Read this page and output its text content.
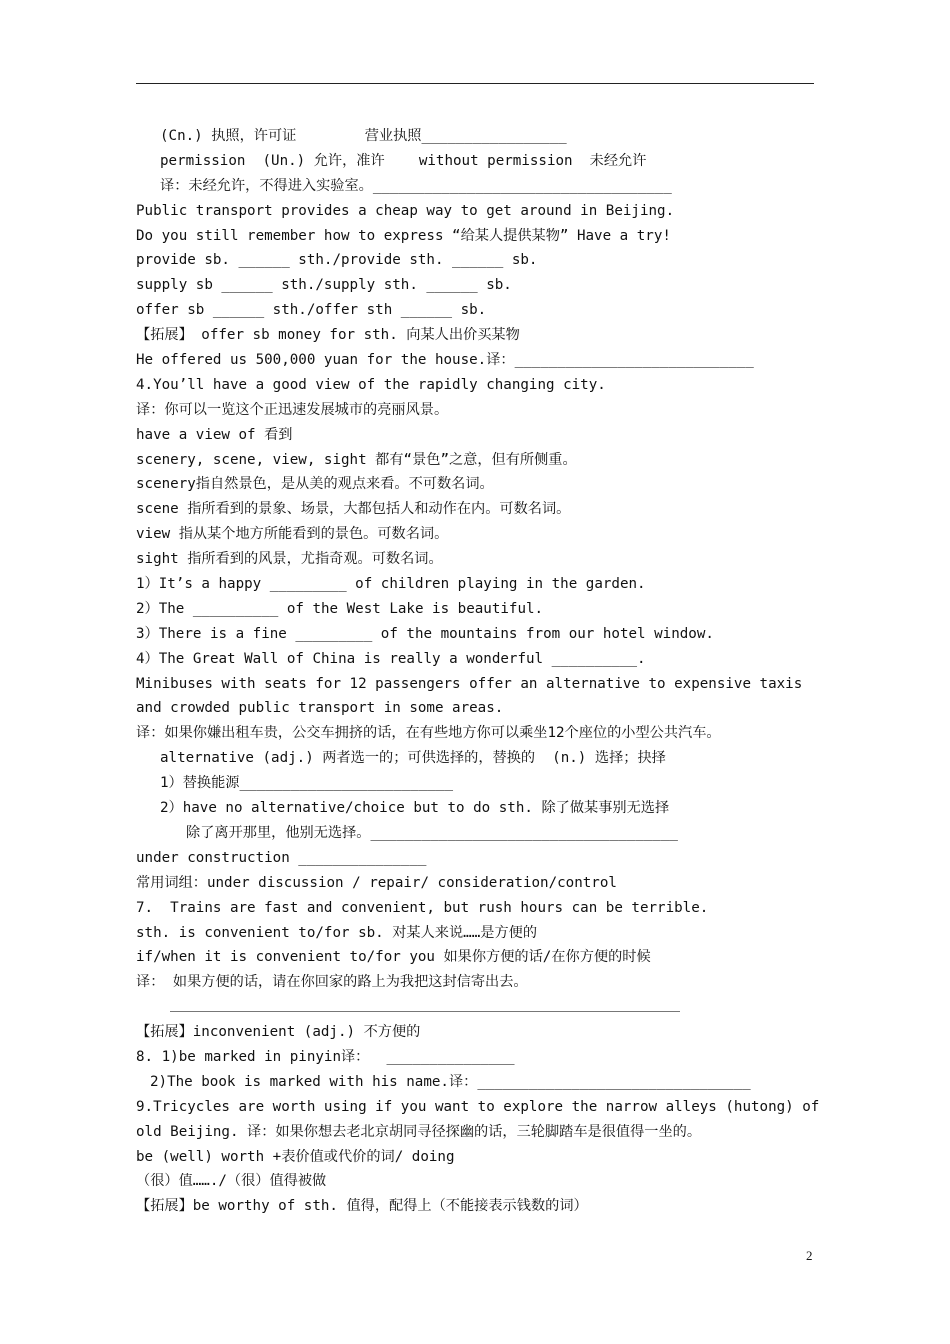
(Cn.) 执照，许可证        营业执照_________________
permission  (Un.) 允许，准许    without permission  未经允许
译：未经允许，不得进入实验室。___________________________________
Public transport provides a cheap way to get around in Beijing.
Do you still remember how to express “给某人提供某物” Have a try!
provide sb. ______ sth./provide sth. ______ sb.
supply sb ______ sth./supply sth. ______ sb.
offer sb ______ sth./offer sth ______ sb.
【拓展】 offer sb money for sth. 向某人出价买某物
He offered us 500,000 yuan for the house.译：____________________________
4.You’ll have a good view of the rapidly changing city.
译：你可以一览这个正迅速发展城市的亮丽风景。
have a view of 看到
scenery, scene, view, sight 都有“景色”之意，但有所侧重。
scenery指自然景色，是从美的观点来看。不可数名词。
scene 指所看到的景象、场景，大都包括人和动作在内。可数名词。
view 指从某个地方所能看到的景色。可数名词。
sight 指所看到的风景，尤指奇观。可数名词。
1）It’s a happy _________ of children playing in the garden.
2）The __________ of the West Lake is beautiful.
3）There is a fine _________ of the mountains from our hotel window.
4）The Great Wall of China is really a wonderful __________.
Minibuses with seats for 12 passengers offer an alternative to expensive taxis
and crowded public transport in some areas.
译：如果你嫌出租车贵，公交车拥挤的话，在有些地方你可以乘坐12个座位的小型公共汽车。
alternative (adj.) 两者选一的；可供选择的，替换的  (n.) 选择；抉择
1）替换能源_________________________
2）have no alternative/choice but to do sth. 除了做某事别无选择
除了离开那里，他别无选择。____________________________________
under construction _______________
常用词组：under discussion / repair/ consideration/control
7.  Trains are fast and convenient, but rush hours can be terrible.
sth. is convenient to/for sb. 对某人来说……是方便的
if/when it is convenient to/for you 如果你方便的话/在你方便的时候
译： 如果方便的话，请在你回家的路上为我把这封信寄出去。
【拓展】inconvenient (adj.) 不方便的
8. 1)be marked in pinyin译：  _______________
2)The book is marked with his name.译：________________________________
9.Tricycles are worth using if you want to explore the narrow alleys (hutong) of
old Beijing. 译：如果你想去老北京胡同寻径探幽的话，三轮脚踏车是很值得一坐的。
be (well) worth +表价值或代价的词/ doing
（很）值……./（很）值得被做
【拓展】be worthy of sth. 值得，配得上（不能接表示钱数的词）
2
